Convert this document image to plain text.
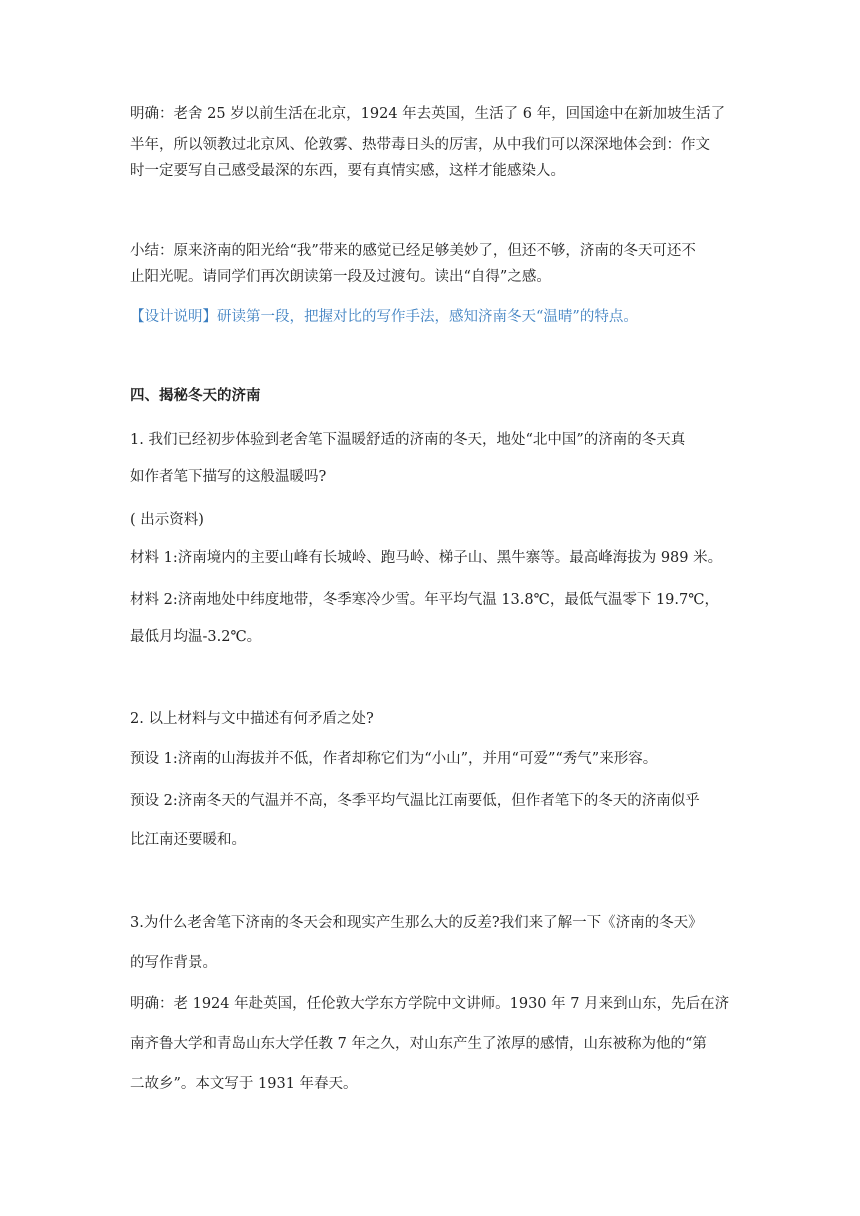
明确：老舍 25 岁以前生活在北京，1924 年去英国，生活了 6 年，回国途中在新加坡生活了
半年，所以领教过北京风、伦敦雾、热带毒日头的厉害，从中我们可以深深地体会到：作文
时一定要写自己感受最深的东西，要有真情实感，这样才能感染人。
小结：原来济南的阳光给“我”带来的感觉已经足够美妙了，但还不够，济南的冬天可还不
止阳光呢。请同学们再次朗读第一段及过渡句。读出“自得”之感。
【设计说明】研读第一段，把握对比的写作手法，感知济南冬天“温晴”的特点。
四、揭秘冬天的济南
1. 我们已经初步体验到老舍笔下温暖舒适的济南的冬天，地处“北中国”的济南的冬天真
如作者笔下描写的这般温暖吗?
( 出示资料)
材料 1:济南境内的主要山峰有长城岭、跑马岭、梯子山、黑牛寨等。最高峰海拔为 989 米。
材料 2:济南地处中纬度地带，冬季寒冷少雪。年平均气温 13.8℃，最低气温零下 19.7℃，
最低月均温-3.2℃。
2. 以上材料与文中描述有何矛盾之处?
预设 1:济南的山海拔并不低，作者却称它们为“小山”，并用“可爱”“秀气”来形容。
预设 2:济南冬天的气温并不高，冬季平均气温比江南要低，但作者笔下的冬天的济南似乎
比江南还要暖和。
3.为什么老舍笔下济南的冬天会和现实产生那么大的反差?我们来了解一下《济南的冬天》
的写作背景。
明确：老 1924 年赴英国，任伦敦大学东方学院中文讲师。1930 年 7 月来到山东，先后在济
南齐鲁大学和青岛山东大学任教 7 年之久，对山东产生了浓厚的感情，山东被称为他的“第
二故乡”。本文写于 1931 年春天。
